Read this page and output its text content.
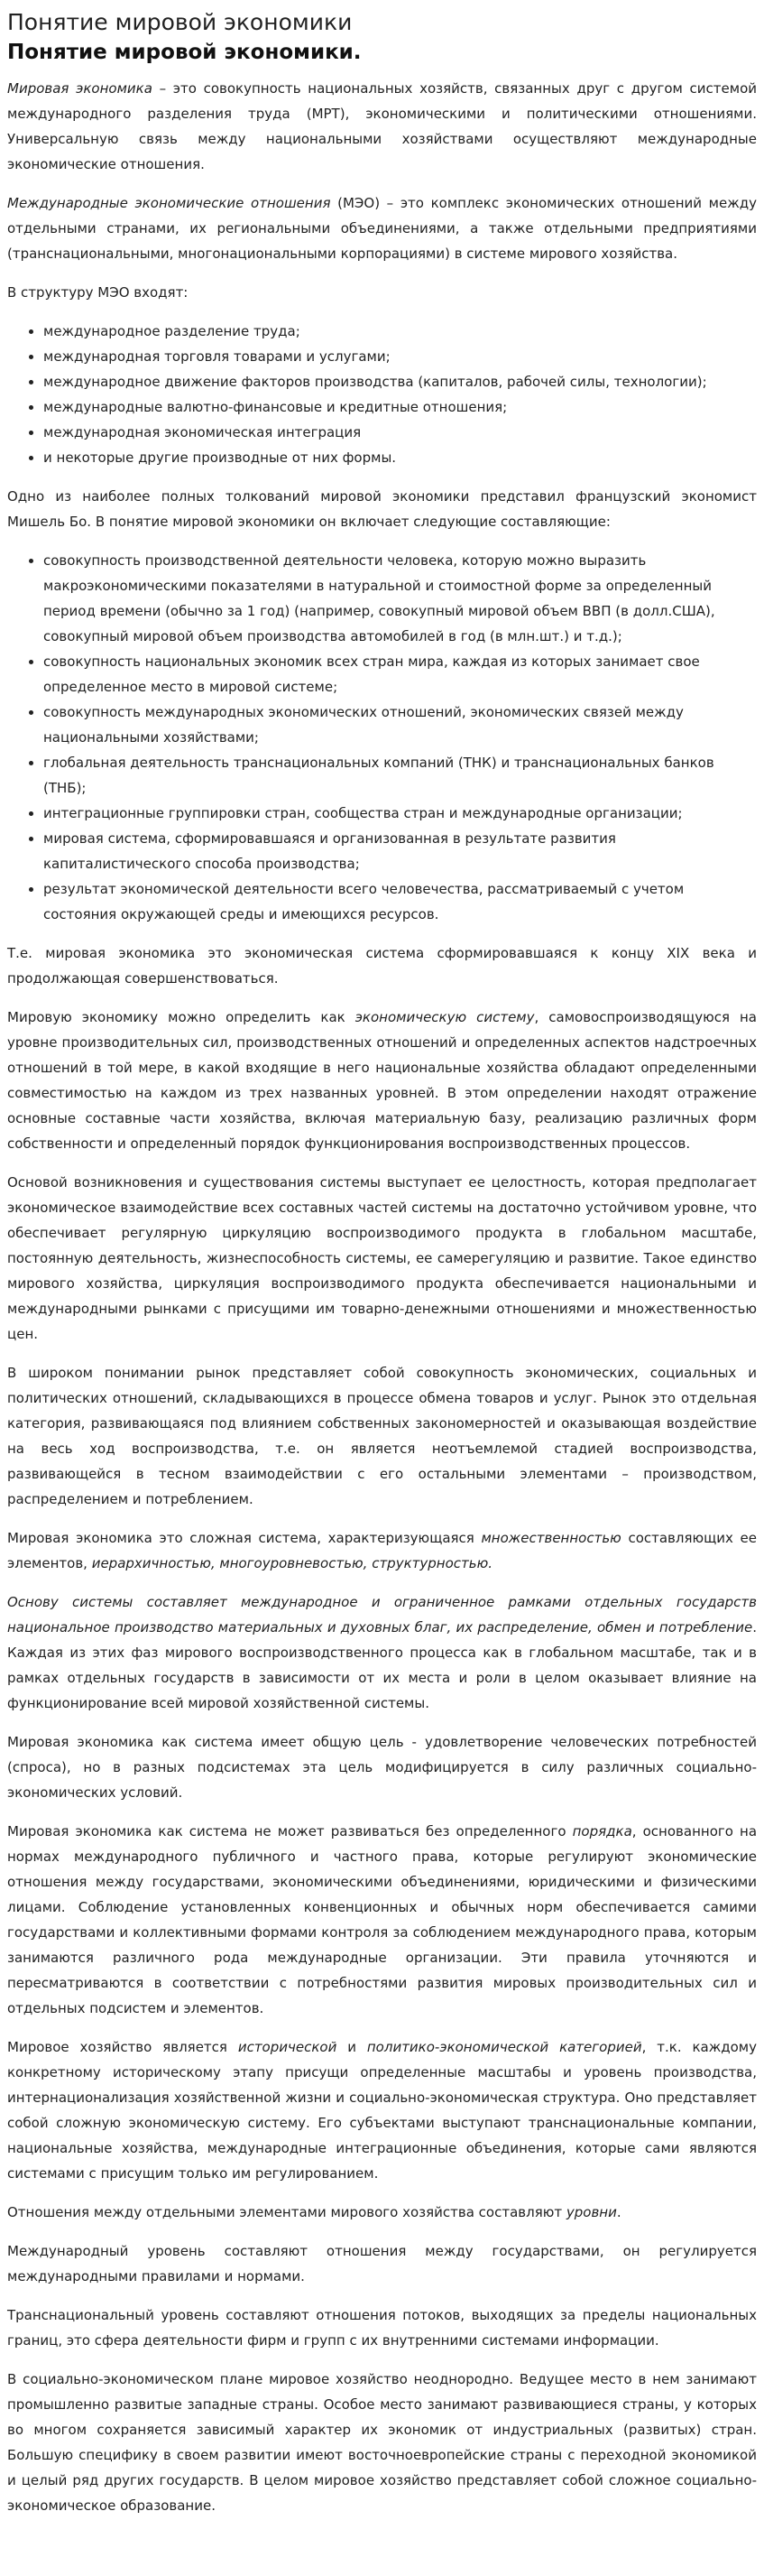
Понятие мировой экономики
Понятие мировой экономики.

Мировая экономика – это совокупность национальных хозяйств, связанных друг с другом системой международного разделения труда (МРТ), экономическими и политическими отношениями. Универсальную связь между национальными хозяйствами осуществляют международные экономические отношения.

Международные экономические отношения (МЭО) – это комплекс экономических отношений между отдельными странами, их региональными объединениями, а также отдельными предприятиями (транснациональными, многонациональными корпорациями) в системе мирового хозяйства.

В структуру МЭО входят:

• международное разделение труда;
• международная торговля товарами и услугами;
• международное движение факторов производства (капиталов, рабочей силы, технологии);
• международные валютно-финансовые и кредитные отношения;
• международная экономическая интеграция
• и некоторые другие производные от них формы.

Одно из наиболее полных толкований мировой экономики представил французский экономист Мишель Бо. В понятие мировой экономики он включает следующие составляющие:

• совокупность производственной деятельности человека, которую можно выразить макроэкономическими показателями в натуральной и стоимостной форме за определенный период времени (обычно за 1 год) (например, совокупный мировой объем ВВП (в долл.США), совокупный мировой объем производства автомобилей в год (в млн.шт.) и т.д.);
• совокупность национальных экономик всех стран мира, каждая из которых занимает свое определенное место в мировой системе;
• совокупность международных экономических отношений, экономических связей между национальными хозяйствами;
• глобальная деятельность транснациональных компаний (ТНК) и транснациональных банков (ТНБ);
• интеграционные группировки стран, сообщества стран и международные организации;
• мировая система, сформировавшаяся и организованная в результате развития капиталистического способа производства;
• результат экономической деятельности всего человечества, рассматриваемый с учетом состояния окружающей среды и имеющихся ресурсов.

Т.е. мировая экономика это экономическая система сформировавшаяся к концу XIX века и продолжающая совершенствоваться.

Мировую экономику можно определить как экономическую систему, самовоспроизводящуюся на уровне производительных сил, производственных отношений и определенных аспектов надстроечных отношений в той мере, в какой входящие в него национальные хозяйства обладают определенными совместимостью на каждом из трех названных уровней. В этом определении находят отражение основные составные части хозяйства, включая материальную базу, реализацию различных форм собственности и определенный порядок функционирования воспроизводственных процессов.

Основой возникновения и существования системы выступает ее целостность, которая предполагает экономическое взаимодействие всех составных частей системы на достаточно устойчивом уровне, что обеспечивает регулярную циркуляцию воспроизводимого продукта в глобальном масштабе, постоянную деятельность, жизнеспособность системы, ее самерегуляцию и развитие. Такое единство мирового хозяйства, циркуляция воспроизводимого продукта обеспечивается национальными и международными рынками с присущими им товарно-денежными отношениями и множественностью цен.

В широком понимании рынок представляет собой совокупность экономических, социальных и политических отношений, складывающихся в процессе обмена товаров и услуг. Рынок это отдельная категория, развивающаяся под влиянием собственных закономерностей и оказывающая воздействие на весь ход воспроизводства, т.е. он является неотъемлемой стадией воспроизводства, развивающейся в тесном взаимодействии с его остальными элементами – производством, распределением и потреблением.

Мировая экономика это сложная система, характеризующаяся множественностью составляющих ее элементов, иерархичностью, многоуровневостью, структурностью.

Основу системы составляет международное и ограниченное рамками отдельных государств национальное производство материальных и духовных благ, их распределение, обмен и потребление. Каждая из этих фаз мирового воспроизводственного процесса как в глобальном масштабе, так и в рамках отдельных государств в зависимости от их места и роли в целом оказывает влияние на функционирование всей мировой хозяйственной системы.

Мировая экономика как система имеет общую цель - удовлетворение человеческих потребностей (спроса), но в разных подсистемах эта цель модифицируется в силу различных социально-экономических условий.

Мировая экономика как система не может развиваться без определенного порядка, основанного на нормах международного публичного и частного права, которые регулируют экономические отношения между государствами, экономическими объединениями, юридическими и физическими лицами. Соблюдение установленных конвенционных и обычных норм обеспечивается самими государствами и коллективными формами контроля за соблюдением международного права, которым занимаются различного рода международные организации. Эти правила уточняются и пересматриваются в соответствии с потребностями развития мировых производительных сил и отдельных подсистем и элементов.

Мировое хозяйство является исторической и политико-экономической категорией, т.к. каждому конкретному историческому этапу присущи определенные масштабы и уровень производства, интернационализация хозяйственной жизни и социально-экономическая структура. Оно представляет собой сложную экономическую систему. Его субъектами выступают транснациональные компании, национальные хозяйства, международные интеграционные объединения, которые сами являются системами с присущим только им регулированием.

Отношения между отдельными элементами мирового хозяйства составляют уровни.

Международный уровень составляют отношения между государствами, он регулируется международными правилами и нормами.

Транснациональный уровень составляют отношения потоков, выходящих за пределы национальных границ, это сфера деятельности фирм и групп с их внутренними системами информации.

В социально-экономическом плане мировое хозяйство неоднородно. Ведущее место в нем занимают промышленно развитые западные страны. Особое место занимают развивающиеся страны, у которых во многом сохраняется зависимый характер их экономик от индустриальных (развитых) стран. Большую специфику в своем развитии имеют восточноевропейские страны с переходной экономикой и целый ряд других государств. В целом мировое хозяйство представляет собой сложное социально-экономическое образование.
